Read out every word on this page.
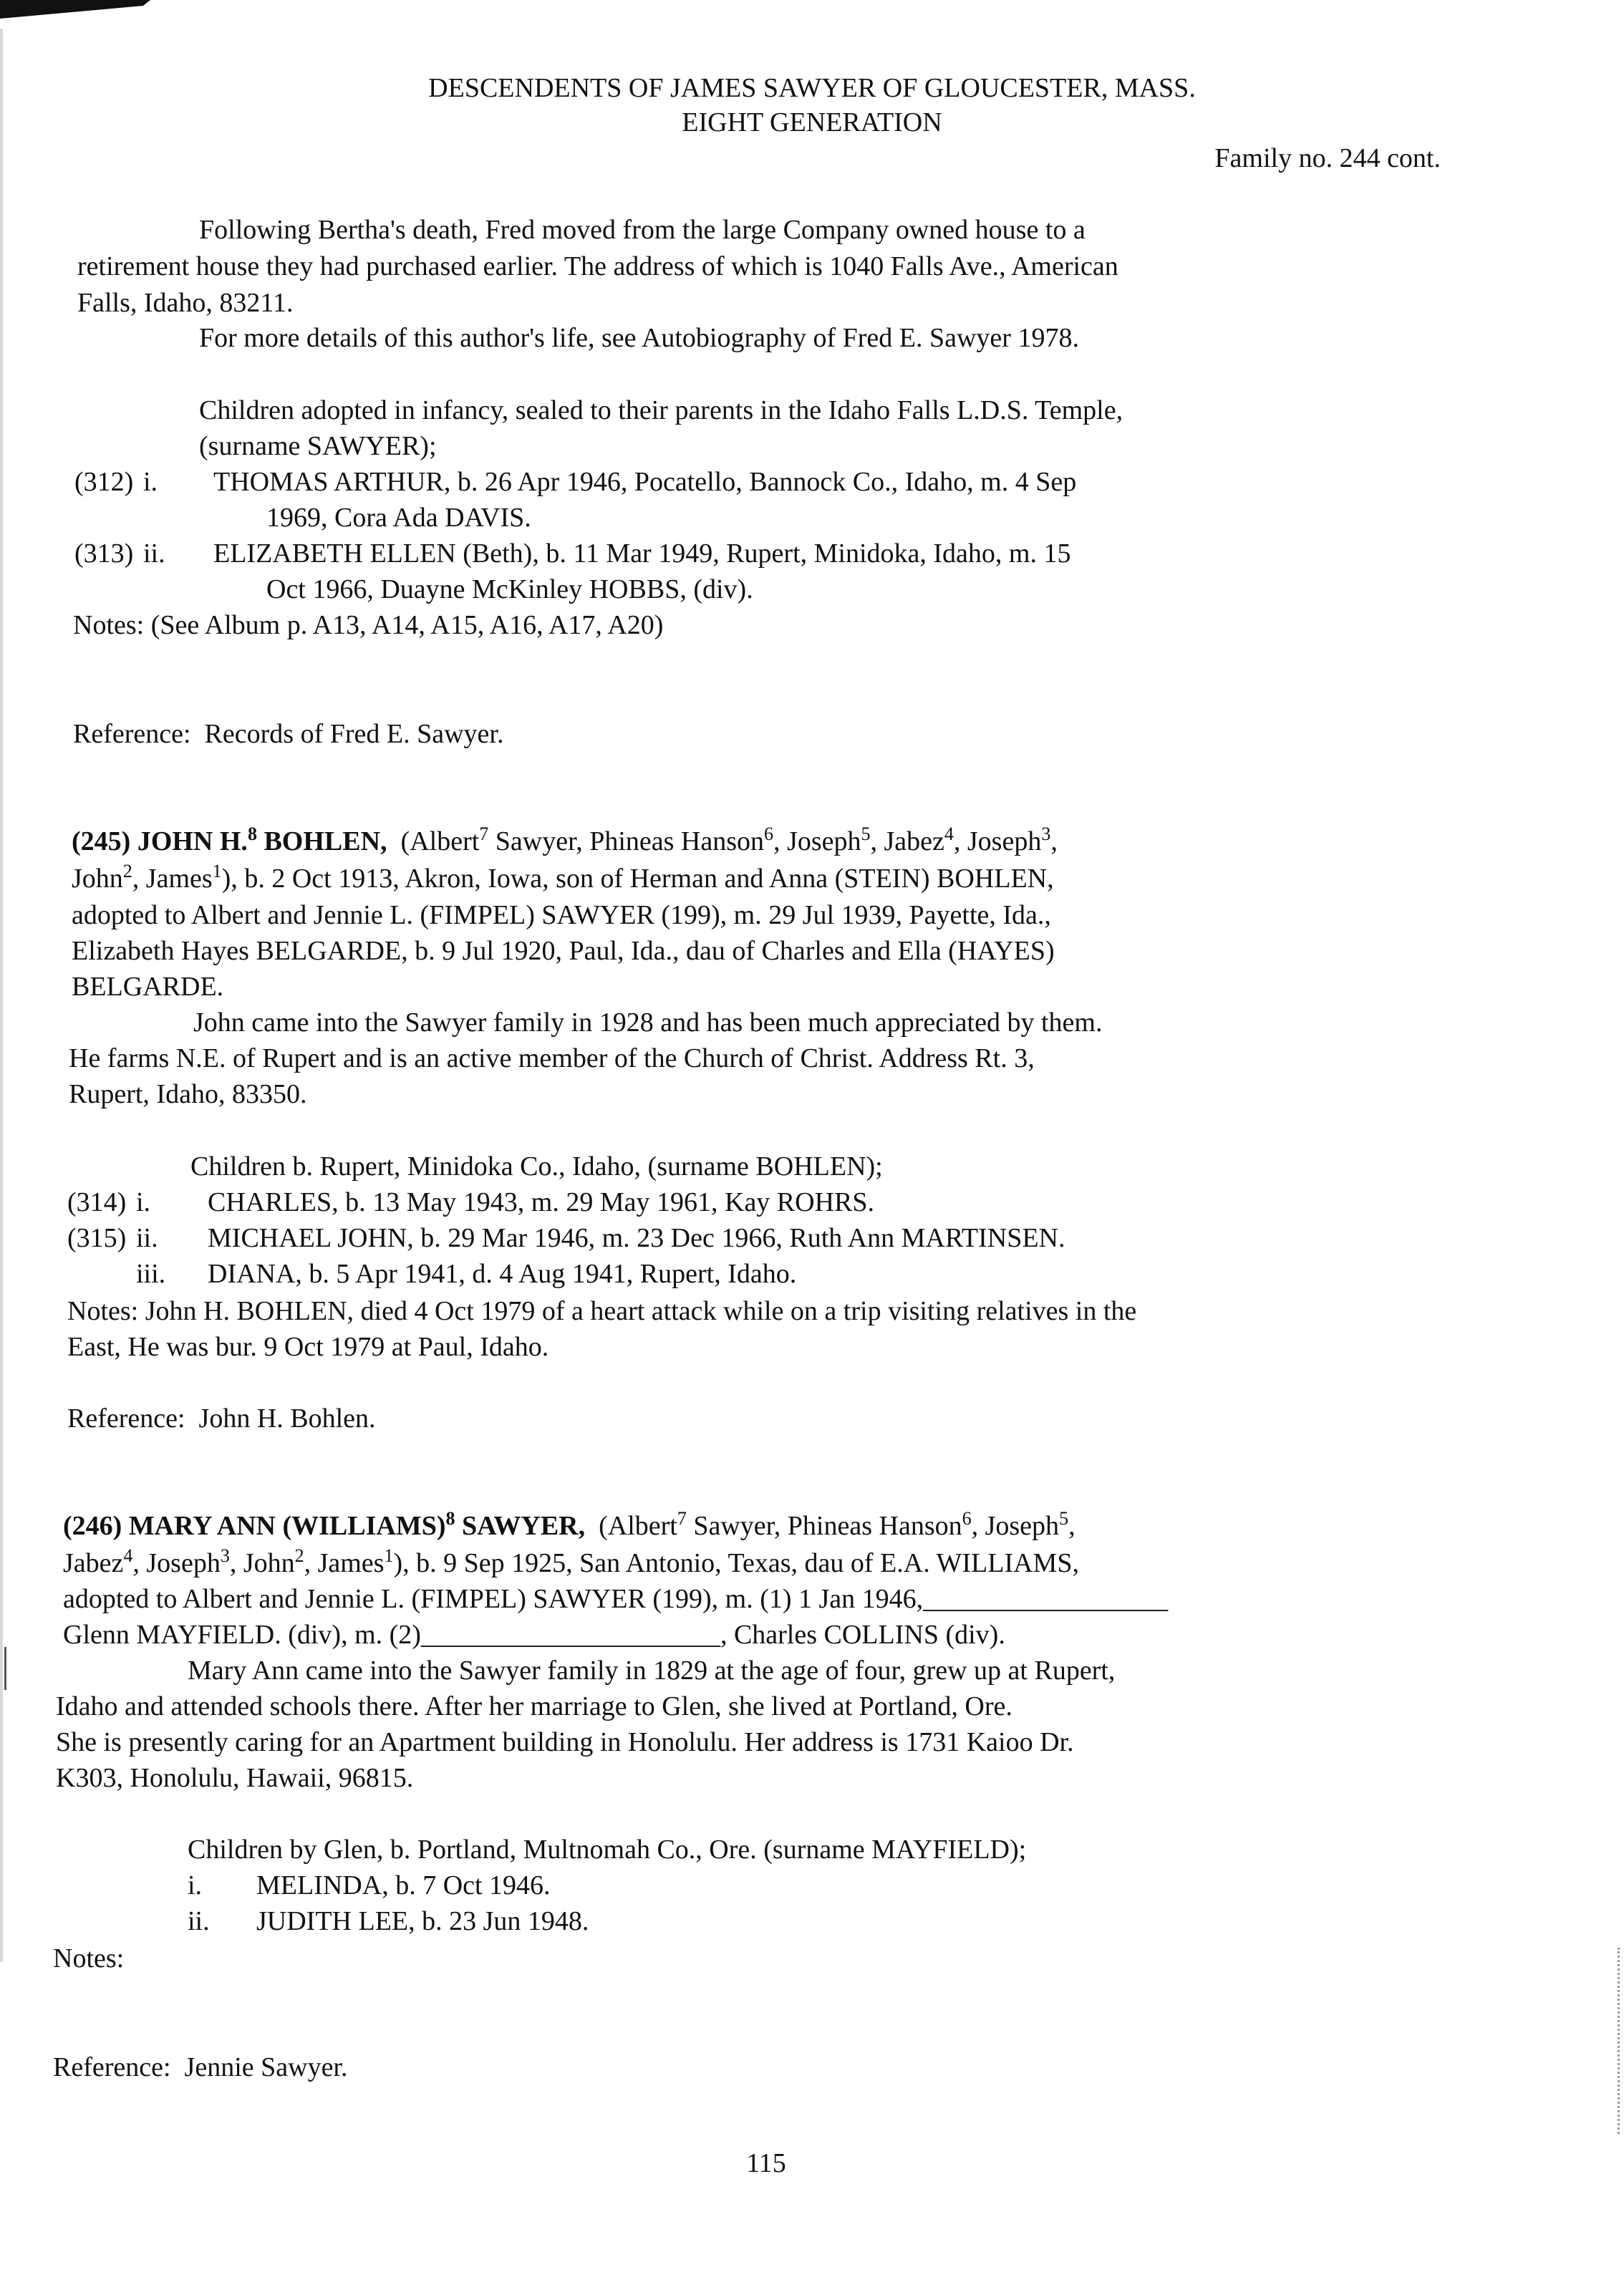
DESCENDENTS OF JAMES SAWYER OF GLOUCESTER, MASS.
EIGHT GENERATION
Family no. 244 cont.
Following Bertha's death, Fred moved from the large Company owned house to a
retirement house they had purchased earlier. The address of which is 1040 Falls Ave., American
Falls, Idaho, 83211.
For more details of this author's life, see Autobiography of Fred E. Sawyer 1978.
Children adopted in infancy, sealed to their parents in the Idaho Falls L.D.S. Temple,
(surname SAWYER);
(312) i. THOMAS ARTHUR, b. 26 Apr 1946, Pocatello, Bannock Co., Idaho, m. 4 Sep
1969, Cora Ada DAVIS.
(313) ii. ELIZABETH ELLEN (Beth), b. 11 Mar 1949, Rupert, Minidoka, Idaho, m. 15
Oct 1966, Duayne McKinley HOBBS, (div).
Notes: (See Album p. A13, A14, A15, A16, A17, A20)
Reference: Records of Fred E. Sawyer.
(245) JOHN H.$^8$ BOHLEN, (Albert$^7$ Sawyer, Phineas Hanson$^6$, Joseph$^5$, Jabez$^4$, Joseph$^3$,
John$^2$, James$^1$), b. 2 Oct 1913, Akron, Iowa, son of Herman and Anna (STEIN) BOHLEN,
adopted to Albert and Jennie L. (FIMPEL) SAWYER (199), m. 29 Jul 1939, Payette, Ida.,
Elizabeth Hayes BELGARDE, b. 9 Jul 1920, Paul, Ida., dau of Charles and Ella (HAYES)
BELGARDE.
John came into the Sawyer family in 1928 and has been much appreciated by them.
He farms N.E. of Rupert and is an active member of the Church of Christ. Address Rt. 3,
Rupert, Idaho, 83350.
Children b. Rupert, Minidoka Co., Idaho, (surname BOHLEN);
(314) i. CHARLES, b. 13 May 1943, m. 29 May 1961, Kay ROHRS.
(315) ii. MICHAEL JOHN, b. 29 Mar 1946, m. 23 Dec 1966, Ruth Ann MARTINSEN.
iii. DIANA, b. 5 Apr 1941, d. 4 Aug 1941, Rupert, Idaho.
Notes: John H. BOHLEN, died 4 Oct 1979 of a heart attack while on a trip visiting relatives in the
East, He was bur. 9 Oct 1979 at Paul, Idaho.
Reference: John H. Bohlen.
(246) MARY ANN (WILLIAMS)$^8$ SAWYER, (Albert$^7$ Sawyer, Phineas Hanson$^6$, Joseph$^5$,
Jabez$^4$, Joseph$^3$, John$^2$, James$^1$), b. 9 Sep 1925, San Antonio, Texas, dau of E.A. WILLIAMS,
adopted to Albert and Jennie L. (FIMPEL) SAWYER (199), m. (1) 1 Jan 1946,__________________
Glenn MAYFIELD. (div), m. (2)______________________, Charles COLLINS (div).
Mary Ann came into the Sawyer family in 1829 at the age of four, grew up at Rupert,
Idaho and attended schools there. After her marriage to Glen, she lived at Portland, Ore.
She is presently caring for an Apartment building in Honolulu. Her address is 1731 Kaioo Dr.
K303, Honolulu, Hawaii, 96815.
Children by Glen, b. Portland, Multnomah Co., Ore. (surname MAYFIELD);
i. MELINDA, b. 7 Oct 1946.
ii. JUDITH LEE, b. 23 Jun 1948.
Notes:
Reference: Jennie Sawyer.
115
